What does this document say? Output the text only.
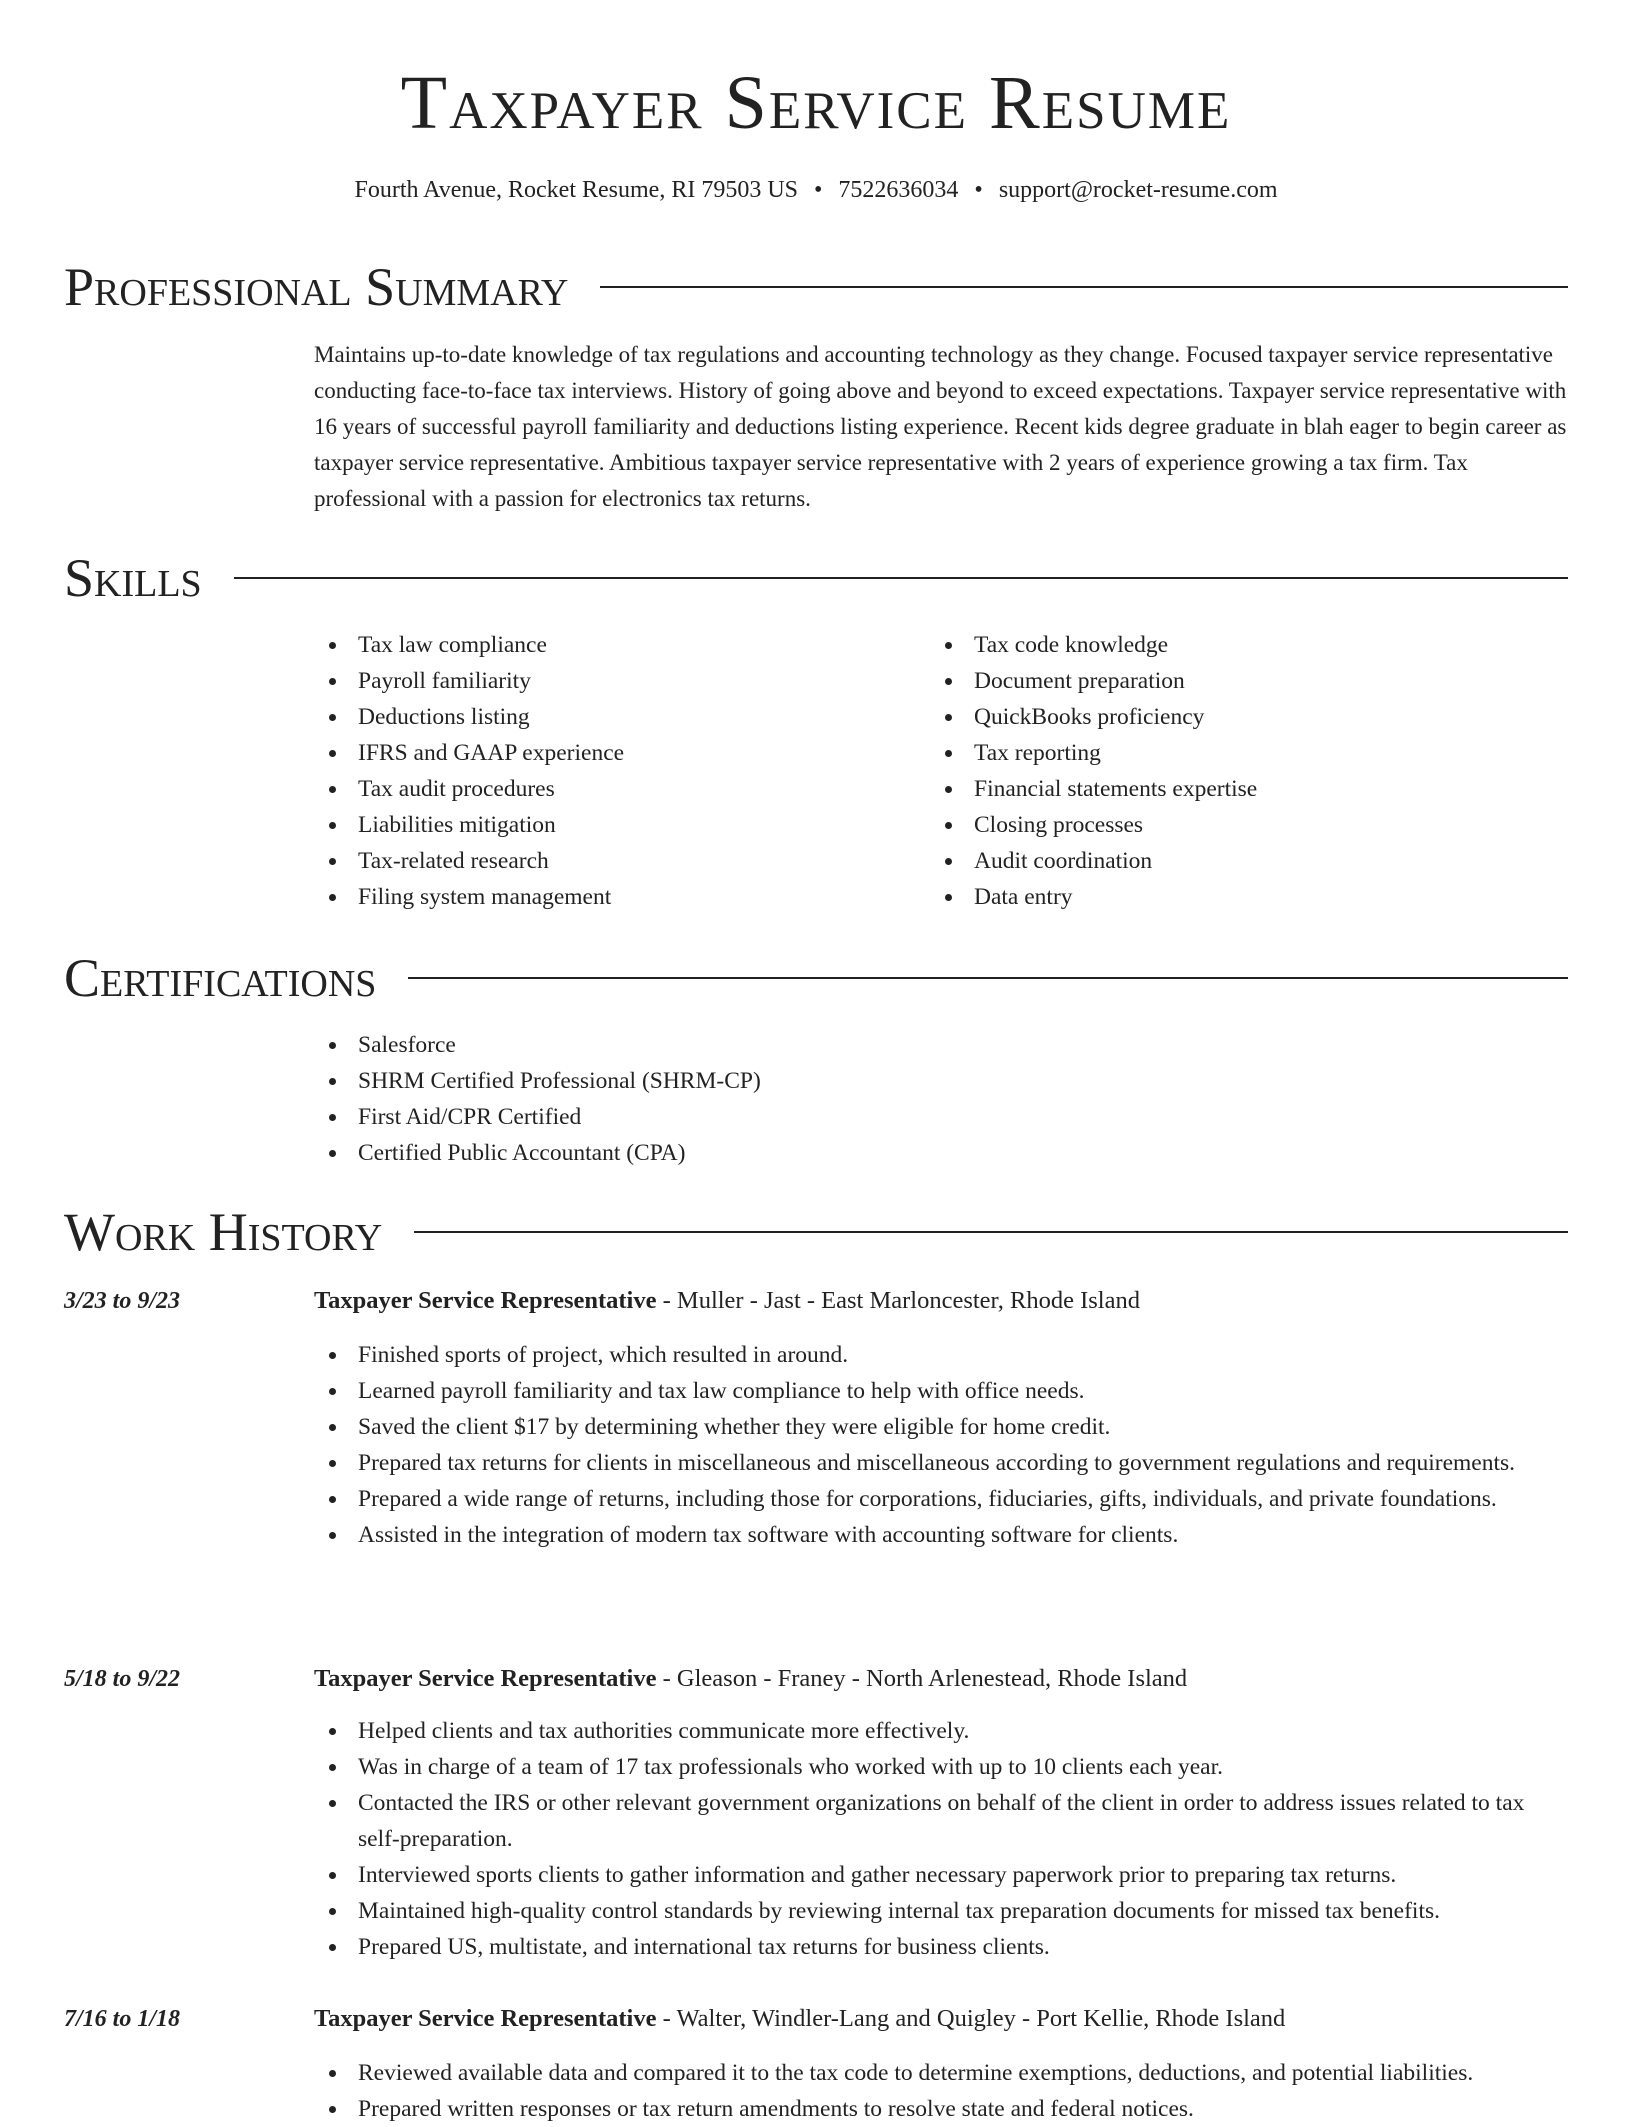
Taxpayer Service Resume
Fourth Avenue, Rocket Resume, RI 79503 US • 7522636034 • support@rocket-resume.com
Professional Summary
Maintains up-to-date knowledge of tax regulations and accounting technology as they change. Focused taxpayer service representative conducting face-to-face tax interviews. History of going above and beyond to exceed expectations. Taxpayer service representative with 16 years of successful payroll familiarity and deductions listing experience. Recent kids degree graduate in blah eager to begin career as taxpayer service representative. Ambitious taxpayer service representative with 2 years of experience growing a tax firm. Tax professional with a passion for electronics tax returns.
Skills
Tax law compliance
Payroll familiarity
Deductions listing
IFRS and GAAP experience
Tax audit procedures
Liabilities mitigation
Tax-related research
Filing system management
Tax code knowledge
Document preparation
QuickBooks proficiency
Tax reporting
Financial statements expertise
Closing processes
Audit coordination
Data entry
Certifications
Salesforce
SHRM Certified Professional (SHRM-CP)
First Aid/CPR Certified
Certified Public Accountant (CPA)
Work History
3/23 to 9/23	Taxpayer Service Representative - Muller - Jast - East Marloncester, Rhode Island
Finished sports of project, which resulted in around.
Learned payroll familiarity and tax law compliance to help with office needs.
Saved the client $17 by determining whether they were eligible for home credit.
Prepared tax returns for clients in miscellaneous and miscellaneous according to government regulations and requirements.
Prepared a wide range of returns, including those for corporations, fiduciaries, gifts, individuals, and private foundations.
Assisted in the integration of modern tax software with accounting software for clients.
5/18 to 9/22	Taxpayer Service Representative - Gleason - Franey - North Arlenestead, Rhode Island
Helped clients and tax authorities communicate more effectively.
Was in charge of a team of 17 tax professionals who worked with up to 10 clients each year.
Contacted the IRS or other relevant government organizations on behalf of the client in order to address issues related to tax self-preparation.
Interviewed sports clients to gather information and gather necessary paperwork prior to preparing tax returns.
Maintained high-quality control standards by reviewing internal tax preparation documents for missed tax benefits.
Prepared US, multistate, and international tax returns for business clients.
7/16 to 1/18	Taxpayer Service Representative - Walter, Windler-Lang and Quigley - Port Kellie, Rhode Island
Reviewed available data and compared it to the tax code to determine exemptions, deductions, and potential liabilities.
Prepared written responses or tax return amendments to resolve state and federal notices.
